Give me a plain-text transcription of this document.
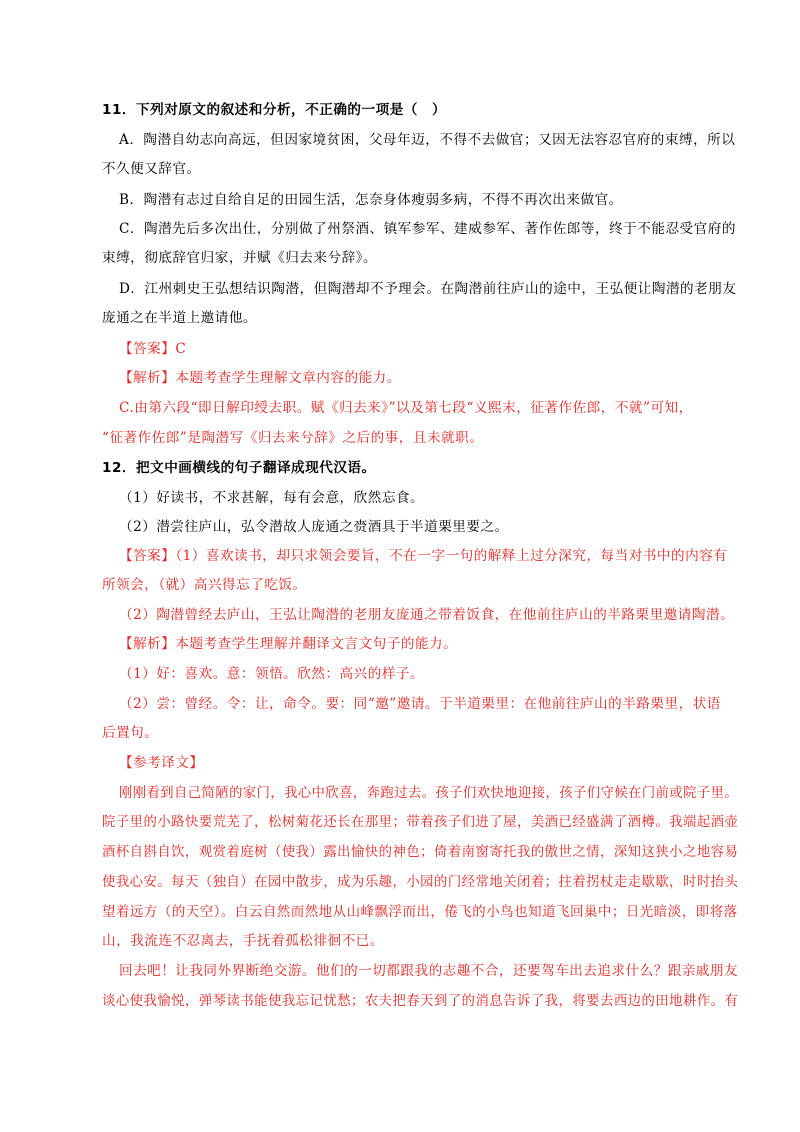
11．下列对原文的叙述和分析，不正确的一项是（　）
A．陶潜自幼志向高远，但因家境贫困，父母年迈，不得不去做官；又因无法容忍官府的束缚，所以
不久便又辞官。
B．陶潜有志过自给自足的田园生活，怎奈身体瘦弱多病，不得不再次出来做官。
C．陶潜先后多次出仕，分别做了州祭酒、镇军参军、建威参军、著作佐郎等，终于不能忍受官府的
束缚，彻底辞官归家，并赋《归去来兮辞》。
D．江州刺史王弘想结识陶潜，但陶潜却不予理会。在陶潜前往庐山的途中，王弘便让陶潜的老朋友
庞通之在半道上邀请他。
【答案】C
【解析】本题考查学生理解文章内容的能力。
C.由第六段“即日解印绶去职。赋《归去来》”以及第七段“义熙末，征著作佐郎，不就”可知，
“征著作佐郎”是陶潜写《归去来兮辞》之后的事，且未就职。
12．把文中画横线的句子翻译成现代汉语。
（1）好读书，不求甚解，每有会意，欣然忘食。
（2）潜尝往庐山，弘令潜故人庞通之赍酒具于半道栗里要之。
【答案】（1）喜欢读书，却只求领会要旨，不在一字一句的解释上过分深究，每当对书中的内容有
所领会，（就）高兴得忘了吃饭。
（2）陶潜曾经去庐山，王弘让陶潜的老朋友庞通之带着饭食，在他前往庐山的半路栗里邀请陶潜。
【解析】本题考查学生理解并翻译文言文句子的能力。
（1）好：喜欢。意：领悟。欣然：高兴的样子。
（2）尝：曾经。令：让，命令。要：同“邀”邀请。于半道栗里：在他前往庐山的半路栗里，状语
后置句。
【参考译文】
刚刚看到自己简陋的家门，我心中欣喜，奔跑过去。孩子们欢快地迎接，孩子们守候在门前或院子里。
院子里的小路快要荒芜了，松树菊花还长在那里；带着孩子们进了屋，美酒已经盛满了酒樽。我端起酒壶
酒杯自斟自饮，观赏着庭树（使我）露出愉快的神色；倚着南窗寄托我的傲世之情，深知这狭小之地容易
使我心安。每天（独自）在园中散步，成为乐趣，小园的门经常地关闭着；拄着拐杖走走歇歇，时时抬头
望着远方（的天空）。白云自然而然地从山峰飘浮而出，倦飞的小鸟也知道飞回巢中；日光暗淡，即将落
山，我流连不忍离去，手抚着孤松徘徊不已。
回去吧！让我同外界断绝交游。他们的一切都跟我的志趣不合，还要驾车出去追求什么？跟亲戚朋友
谈心使我愉悦，弹琴读书能使我忘记忧愁；农夫把春天到了的消息告诉了我，将要去西边的田地耕作。有
